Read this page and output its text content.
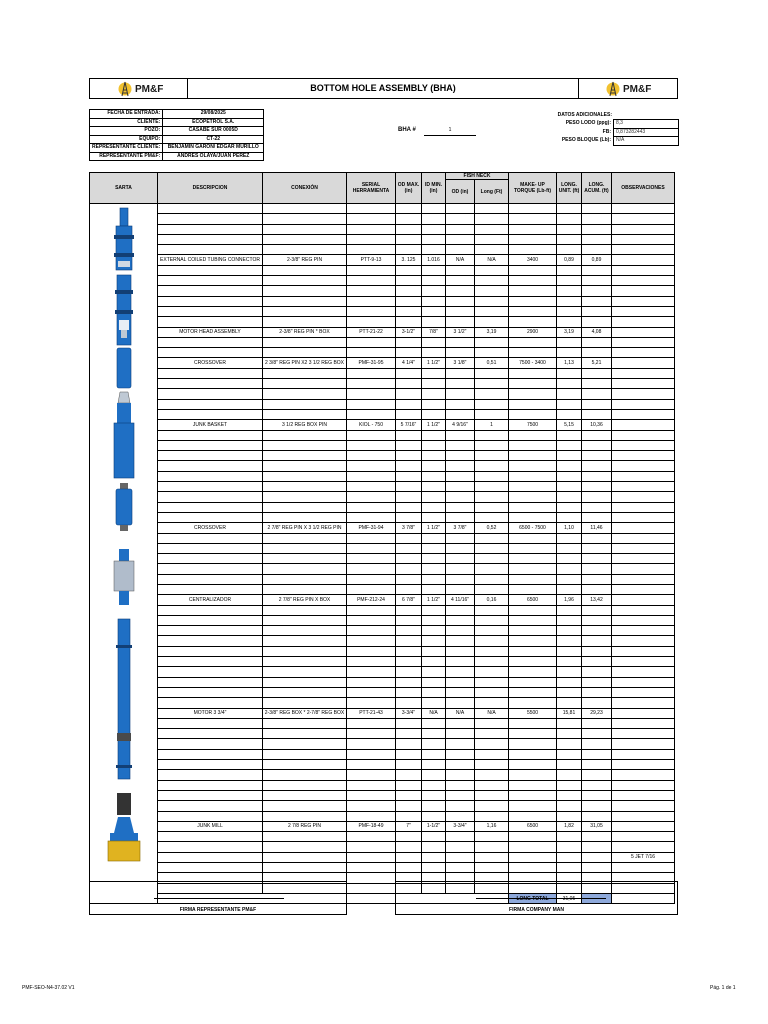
PM&F	BOTTOM HOLE ASSEMBLY (BHA)	PM&F
FECHA DE ENTRADA:	29/08/2025
CLIENTE:	ECOPETROL S.A.
POZO:	CASABE SUR 0005D
EQUIPO:	CT-22
REPRESENTANTE CLIENTE:	BENJAMIN GARON/ EDGAR MURILLO
REPRESENTANTE PM&F:	ANDRÉS OLAYA/JUAN PÉREZ
BHA #	1
DATOS ADICIONALES:
PESO LODO (ppg):	8,3
FB:	0,873282443
PESO BLOQUE (Lb):	N/A
SARTA	DESCRIPCION	CONEXIÓN	SERIAL HERRAMIENTA	OD MAX. (in)	ID MIN. (in)	FISH NECK		MAKE- UP TORQUE (Lb-ft)	LONG. UNIT. (ft)	LONG. ACUM. (ft)	OBSERVACIONES
						OD (in)	Long (Ft)				

	EXTERNAL COILED TUBING CONNECTOR	2-3/8" REG PIN	PTT-9-13	3. 125	1.016	N/A	N/A	3400	0,89	0,89	

	MOTOR HEAD ASSEMBLY	2-3/8" REG PIN * BOX	PTT-21-22	3-1/2"	7/8"	3 1/2"	3,19	2900	3,19	4,08	

	CROSSOVER	2 3/8" REG PIN X2 3 1/2 REG BOX	PMF-31-95	4 1/4"	1 1/2"	3 1/8"	0,51	7500 - 3400	1,13	5,21	

	JUNK BASKET	3 1/2 REG BOX PIN	KIOL - 750	5 7/16"	1 1/2"	4 9/16"	1	7500	5,15	10,36	

	CROSSOVER	2 7/8" REG PIN X 3 1/2 REG PIN	PMF-31-94	3 7/8"	1 1/2"	3 7/8"	0,52	6500 - 7500	1,10	11,46	

	CENTRALIZADOR	2 7/8" REG PIN X BOX	PMF-212-24	6 7/8"	1 1/2"	4 11/16"	0,16	6500	1,96	13,42	

	MOTOR 3 3/4"	2-3/8" REG BOX * 2-7/8" REG BOX	PTT-21-43	3-3/4"	N/A	N/A	N/A	5500	15,81	29,23	

	JUNK MILL	2 7/8 REG PIN	PMF-18-49	7"	1-1/2"	3-3/4"	1,16	6500	1,82	31,05	

											5 JET 7/16

								LONG TOTAL	31,05		
FIRMA REPRESENTANTE PM&F	FIRMA COMPANY MAN
PMF-SEO-N4-37.02 V1	Pág. 1 de 1
